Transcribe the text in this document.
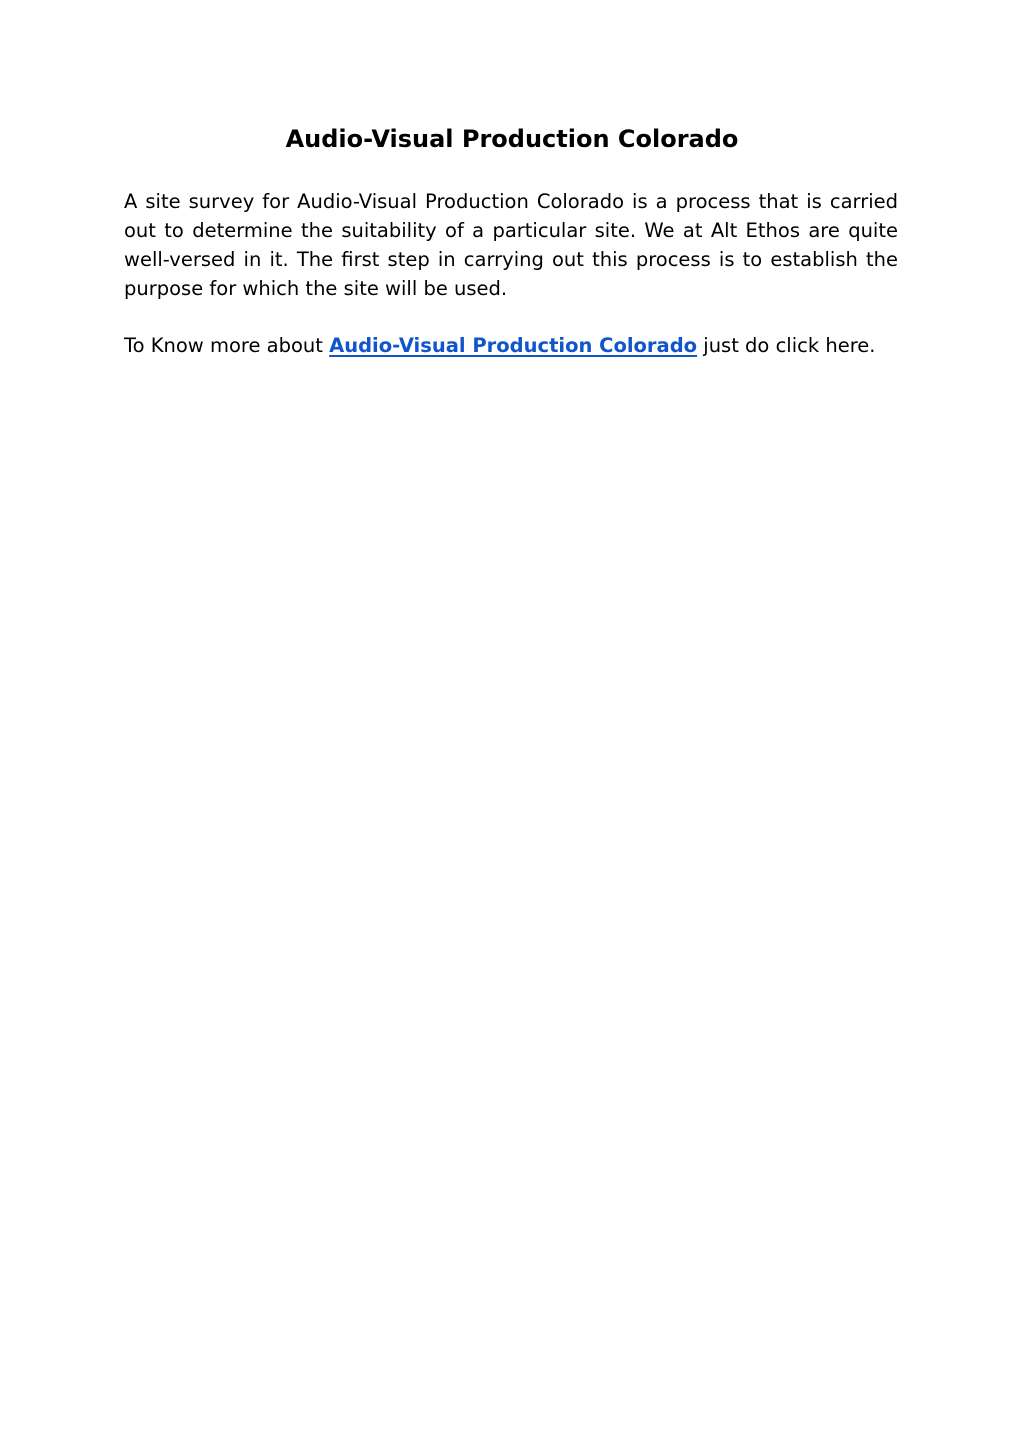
Audio-Visual Production Colorado

A site survey for Audio-Visual Production Colorado is a process that is carried out to determine the suitability of a particular site. We at Alt Ethos are quite well-versed in it. The first step in carrying out this process is to establish the purpose for which the site will be used.

To Know more about Audio-Visual Production Colorado just do click here.
